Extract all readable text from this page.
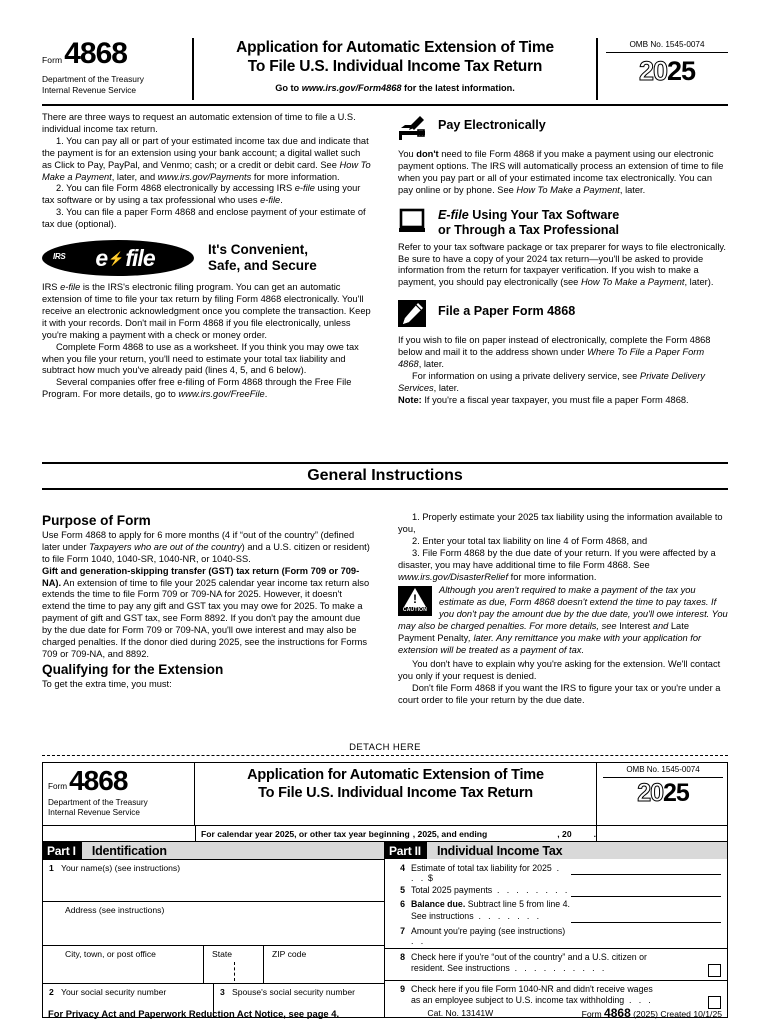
Form 4868
Department of the Treasury
Internal Revenue Service
Application for Automatic Extension of Time
To File U.S. Individual Income Tax Return
Go to www.irs.gov/Form4868 for the latest information.
OMB No. 1545-0074
2025
There are three ways to request an automatic extension of time to file a U.S. individual income tax return.
1. You can pay all or part of your estimated income tax due and indicate that the payment is for an extension using your bank account; a digital wallet such as Click to Pay, PayPal, and Venmo; cash; or a credit or debit card. See How To Make a Payment, later, and www.irs.gov/Payments for more information.
2. You can file Form 4868 electronically by accessing IRS e-file using your tax software or by using a tax professional who uses e-file.
3. You can file a paper Form 4868 and enclose payment of your estimate of tax due (optional).
IRS e ⚡ file	It's Convenient,
Safe, and Secure
IRS e-file is the IRS's electronic filing program. You can get an automatic extension of time to file your tax return by filing Form 4868 electronically. You'll receive an electronic acknowledgment once you complete the transaction. Keep it with your records. Don't mail in Form 4868 if you file electronically, unless you're making a payment with a check or money order.
Complete Form 4868 to use as a worksheet. If you think you may owe tax when you file your return, you'll need to estimate your total tax liability and subtract how much you've already paid (lines 4, 5, and 6 below).
Several companies offer free e-filing of Form 4868 through the Free File Program. For more details, go to www.irs.gov/FreeFile.
Pay Electronically
You don't need to file Form 4868 if you make a payment using our electronic payment options. The IRS will automatically process an extension of time to file when you pay part or all of your estimated income tax electronically. You can pay online or by phone. See How To Make a Payment, later.
E-file Using Your Tax Software
or Through a Tax Professional
Refer to your tax software package or tax preparer for ways to file electronically. Be sure to have a copy of your 2024 tax return—you'll be asked to provide information from the return for taxpayer verification. If you wish to make a payment, you should pay electronically (see How To Make a Payment, later).
File a Paper Form 4868
If you wish to file on paper instead of electronically, complete the Form 4868 below and mail it to the address shown under Where To File a Paper Form 4868, later.
For information on using a private delivery service, see Private Delivery Services, later.
Note: If you're a fiscal year taxpayer, you must file a paper Form 4868.
General Instructions
Purpose of Form
Use Form 4868 to apply for 6 more months (4 if “out of the country” (defined later under Taxpayers who are out of the country) and a U.S. citizen or resident) to file Form 1040, 1040-SR, 1040-NR, or 1040-SS.
Gift and generation-skipping transfer (GST) tax return (Form 709 or 709-NA). An extension of time to file your 2025 calendar year income tax return also extends the time to file Form 709 or 709-NA for 2025. However, it doesn't extend the time to pay any gift and GST tax you may owe for 2025. To make a payment of gift and GST tax, see Form 8892. If you don't pay the amount due by the due date for Form 709 or 709-NA, you'll owe interest and may also be charged penalties. If the donor died during 2025, see the instructions for Forms 709 or 709-NA, and 8892.
Qualifying for the Extension
To get the extra time, you must:
1. Properly estimate your 2025 tax liability using the information available to you,
2. Enter your total tax liability on line 4 of Form 4868, and
3. File Form 4868 by the due date of your return. If you were affected by a disaster, you may have additional time to file Form 4868. See www.irs.gov/DisasterRelief for more information.
!
CAUTION
Although you aren't required to make a payment of the tax you estimate as due, Form 4868 doesn't extend the time to pay taxes. If you don't pay the amount due by the due date, you'll owe interest. You may also be charged penalties. For more details, see Interest and Late Payment Penalty, later. Any remittance you make with your application for extension will be treated as a payment of tax.
You don't have to explain why you're asking for the extension. We'll contact you only if your request is denied.
Don't file Form 4868 if you want the IRS to figure your tax or you're under a court order to file your return by the due date.
DETACH HERE
Form 4868
Department of the Treasury
Internal Revenue Service
Application for Automatic Extension of Time
To File U.S. Individual Income Tax Return
OMB No. 1545-0074
2025
For calendar year 2025, or other tax year beginning , 2025, and ending	, 20	.
Part I	Identification
1 Your name(s) (see instructions)
Address (see instructions)
City, town, or post office	State	ZIP code
2 Your social security number	3 Spouse's social security number
Part II	Individual Income Tax
4 Estimate of total tax liability for 2025 . . . $
5 Total 2025 payments . . . . . . . .
6 Balance due. Subtract line 5 from line 4.
See instructions . . . . . . .
7 Amount you're paying (see instructions) . .
8 Check here if you're “out of the country” and a U.S. citizen or
resident. See instructions . . . . . . . . . .
9 Check here if you file Form 1040-NR and didn't receive wages
as an employee subject to U.S. income tax withholding . . .
For Privacy Act and Paperwork Reduction Act Notice, see page 4.	Cat. No. 13141W	Form 4868 (2025) Created 10/1/25
